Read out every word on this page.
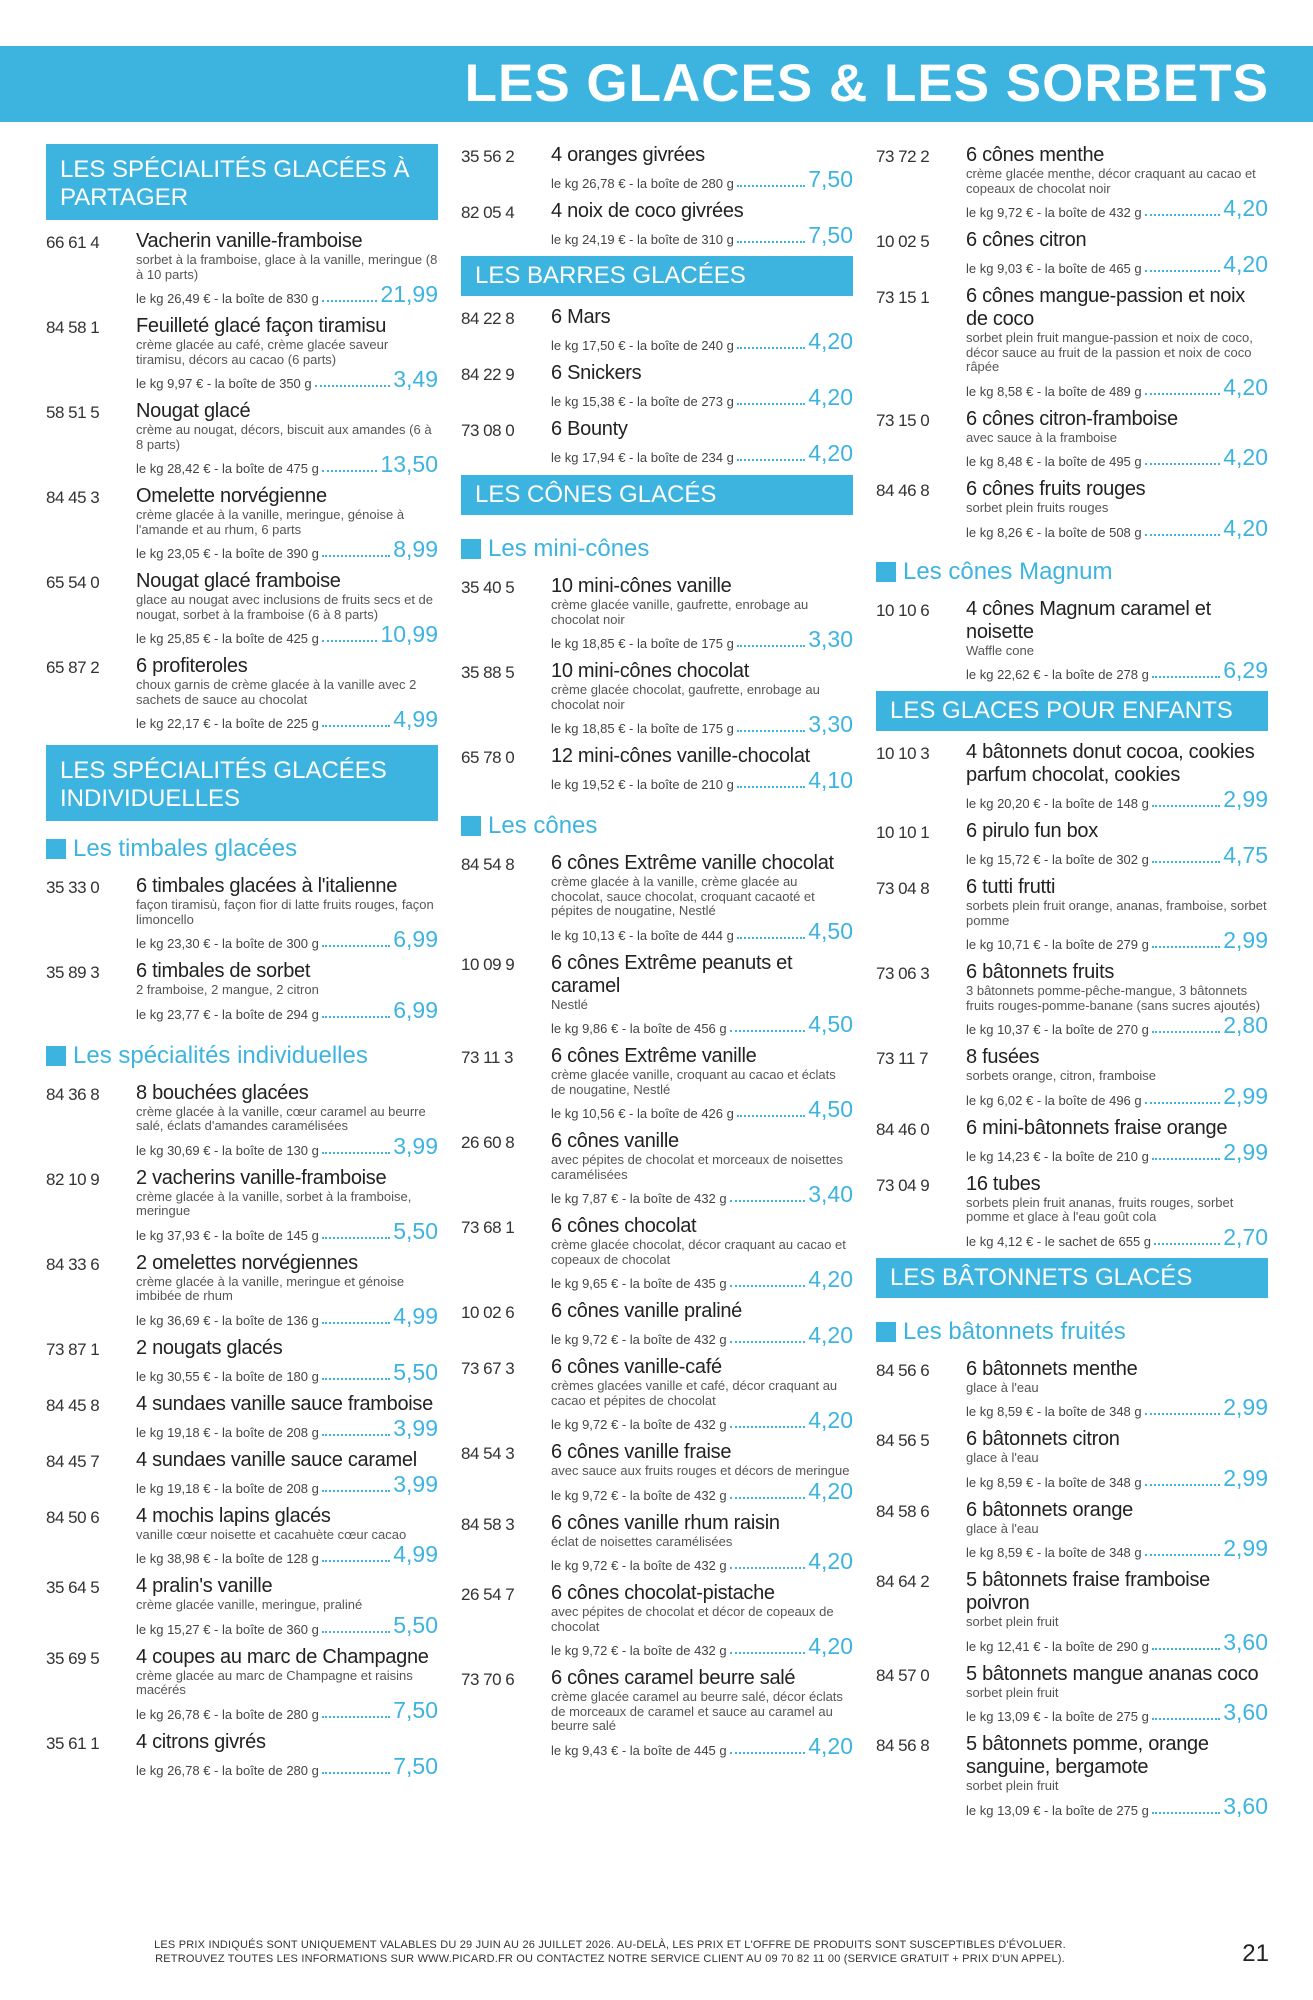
LES GLACES & LES SORBETS
LES SPÉCIALITÉS GLACÉES À PARTAGER
66 61 4	Vacherin vanille-framboise
sorbet à la framboise, glace à la vanille, meringue (8 à 10 parts)
le kg 26,49 € - la boîte de 830 g	21,99
84 58 1	Feuilleté glacé façon tiramisu
crème glacée au café, crème glacée saveur tiramisu, décors au cacao (6 parts)
le kg 9,97 € - la boîte de 350 g	3,49
58 51 5	Nougat glacé
crème au nougat, décors, biscuit aux amandes (6 à 8 parts)
le kg 28,42 € - la boîte de 475 g	13,50
84 45 3	Omelette norvégienne
crème glacée à la vanille, meringue, génoise à l'amande et au rhum, 6 parts
le kg 23,05 € - la boîte de 390 g	8,99
65 54 0	Nougat glacé framboise
glace au nougat avec inclusions de fruits secs et de nougat, sorbet à la framboise (6 à 8 parts)
le kg 25,85 € - la boîte de 425 g	10,99
65 87 2	6 profiteroles
choux garnis de crème glacée à la vanille avec 2 sachets de sauce au chocolat
le kg 22,17 € - la boîte de 225 g	4,99
LES SPÉCIALITÉS GLACÉES INDIVIDUELLES
Les timbales glacées
35 33 0	6 timbales glacées à l'italienne
façon tiramisù, façon fior di latte fruits rouges, façon limoncello
le kg 23,30 € - la boîte de 300 g	6,99
35 89 3	6 timbales de sorbet
2 framboise, 2 mangue, 2 citron
le kg 23,77 € - la boîte de 294 g	6,99
Les spécialités individuelles
84 36 8	8 bouchées glacées
crème glacée à la vanille, cœur caramel au beurre salé, éclats d'amandes caramélisées
le kg 30,69 € - la boîte de 130 g	3,99
82 10 9	2 vacherins vanille-framboise
crème glacée à la vanille, sorbet à la framboise, meringue
le kg 37,93 € - la boîte de 145 g	5,50
84 33 6	2 omelettes norvégiennes
crème glacée à la vanille, meringue et génoise imbibée de rhum
le kg 36,69 € - la boîte de 136 g	4,99
73 87 1	2 nougats glacés
le kg 30,55 € - la boîte de 180 g	5,50
84 45 8	4 sundaes vanille sauce framboise
le kg 19,18 € - la boîte de 208 g	3,99
84 45 7	4 sundaes vanille sauce caramel
le kg 19,18 € - la boîte de 208 g	3,99
84 50 6	4 mochis lapins glacés
vanille cœur noisette et cacahuète cœur cacao
le kg 38,98 € - la boîte de 128 g	4,99
35 64 5	4 pralin's vanille
crème glacée vanille, meringue, praliné
le kg 15,27 € - la boîte de 360 g	5,50
35 69 5	4 coupes au marc de Champagne
crème glacée au marc de Champagne et raisins macérés
le kg 26,78 € - la boîte de 280 g	7,50
35 61 1	4 citrons givrés
le kg 26,78 € - la boîte de 280 g	7,50
35 56 2	4 oranges givrées
le kg 26,78 € - la boîte de 280 g	7,50
82 05 4	4 noix de coco givrées
le kg 24,19 € - la boîte de 310 g	7,50
LES BARRES GLACÉES
84 22 8	6 Mars
le kg 17,50 € - la boîte de 240 g	4,20
84 22 9	6 Snickers
le kg 15,38 € - la boîte de 273 g	4,20
73 08 0	6 Bounty
le kg 17,94 € - la boîte de 234 g	4,20
LES CÔNES GLACÉS
Les mini-cônes
35 40 5	10 mini-cônes vanille
crème glacée vanille, gaufrette, enrobage au chocolat noir
le kg 18,85 € - la boîte de 175 g	3,30
35 88 5	10 mini-cônes chocolat
crème glacée chocolat, gaufrette, enrobage au chocolat noir
le kg 18,85 € - la boîte de 175 g	3,30
65 78 0	12 mini-cônes vanille-chocolat
le kg 19,52 € - la boîte de 210 g	4,10
Les cônes
84 54 8	6 cônes Extrême vanille chocolat
crème glacée à la vanille, crème glacée au chocolat, sauce chocolat, croquant cacaoté et pépites de nougatine, Nestlé
le kg 10,13 € - la boîte de 444 g	4,50
10 09 9	6 cônes Extrême peanuts et caramel
Nestlé
le kg 9,86 € - la boîte de 456 g	4,50
73 11 3	6 cônes Extrême vanille
crème glacée vanille, croquant au cacao et éclats de nougatine, Nestlé
le kg 10,56 € - la boîte de 426 g	4,50
26 60 8	6 cônes vanille
avec pépites de chocolat et morceaux de noisettes caramélisées
le kg 7,87 € - la boîte de 432 g	3,40
73 68 1	6 cônes chocolat
crème glacée chocolat, décor craquant au cacao et copeaux de chocolat
le kg 9,65 € - la boîte de 435 g	4,20
10 02 6	6 cônes vanille praliné
le kg 9,72 € - la boîte de 432 g	4,20
73 67 3	6 cônes vanille-café
crèmes glacées vanille et café, décor craquant au cacao et pépites de chocolat
le kg 9,72 € - la boîte de 432 g	4,20
84 54 3	6 cônes vanille fraise
avec sauce aux fruits rouges et décors de meringue
le kg 9,72 € - la boîte de 432 g	4,20
84 58 3	6 cônes vanille rhum raisin
éclat de noisettes caramélisées
le kg 9,72 € - la boîte de 432 g	4,20
26 54 7	6 cônes chocolat-pistache
avec pépites de chocolat et décor de copeaux de chocolat
le kg 9,72 € - la boîte de 432 g	4,20
73 70 6	6 cônes caramel beurre salé
crème glacée caramel au beurre salé, décor éclats de morceaux de caramel et sauce au caramel au beurre salé
le kg 9,43 € - la boîte de 445 g	4,20
73 72 2	6 cônes menthe
crème glacée menthe, décor craquant au cacao et copeaux de chocolat noir
le kg 9,72 € - la boîte de 432 g	4,20
10 02 5	6 cônes citron
le kg 9,03 € - la boîte de 465 g	4,20
73 15 1	6 cônes mangue-passion et noix de coco
sorbet plein fruit mangue-passion et noix de coco, décor sauce au fruit de la passion et noix de coco râpée
le kg 8,58 € - la boîte de 489 g	4,20
73 15 0	6 cônes citron-framboise
avec sauce à la framboise
le kg 8,48 € - la boîte de 495 g	4,20
84 46 8	6 cônes fruits rouges
sorbet plein fruits rouges
le kg 8,26 € - la boîte de 508 g	4,20
Les cônes Magnum
10 10 6	4 cônes Magnum caramel et noisette
Waffle cone
le kg 22,62 € - la boîte de 278 g	6,29
LES GLACES POUR ENFANTS
10 10 3	4 bâtonnets donut cocoa, cookies parfum chocolat, cookies
le kg 20,20 € - la boîte de 148 g	2,99
10 10 1	6 pirulo fun box
le kg 15,72 € - la boîte de 302 g	4,75
73 04 8	6 tutti frutti
sorbets plein fruit orange, ananas, framboise, sorbet pomme
le kg 10,71 € - la boîte de 279 g	2,99
73 06 3	6 bâtonnets fruits
3 bâtonnets pomme-pêche-mangue, 3 bâtonnets fruits rouges-pomme-banane (sans sucres ajoutés)
le kg 10,37 € - la boîte de 270 g	2,80
73 11 7	8 fusées
sorbets orange, citron, framboise
le kg 6,02 € - la boîte de 496 g	2,99
84 46 0	6 mini-bâtonnets fraise orange
le kg 14,23 € - la boîte de 210 g	2,99
73 04 9	16 tubes
sorbets plein fruit ananas, fruits rouges, sorbet pomme et glace à l'eau goût cola
le kg 4,12 € - le sachet de 655 g	2,70
LES BÂTONNETS GLACÉS
Les bâtonnets fruités
84 56 6	6 bâtonnets menthe
glace à l'eau
le kg 8,59 € - la boîte de 348 g	2,99
84 56 5	6 bâtonnets citron
glace à l'eau
le kg 8,59 € - la boîte de 348 g	2,99
84 58 6	6 bâtonnets orange
glace à l'eau
le kg 8,59 € - la boîte de 348 g	2,99
84 64 2	5 bâtonnets fraise framboise poivron
sorbet plein fruit
le kg 12,41 € - la boîte de 290 g	3,60
84 57 0	5 bâtonnets mangue ananas coco
sorbet plein fruit
le kg 13,09 € - la boîte de 275 g	3,60
84 56 8	5 bâtonnets pomme, orange sanguine, bergamote
sorbet plein fruit
le kg 13,09 € - la boîte de 275 g	3,60
LES PRIX INDIQUÉS SONT UNIQUEMENT VALABLES DU 29 JUIN AU 26 JUILLET 2026. AU-DELÀ, LES PRIX ET L'OFFRE DE PRODUITS SONT SUSCEPTIBLES D'ÉVOLUER.
RETROUVEZ TOUTES LES INFORMATIONS SUR WWW.PICARD.FR OU CONTACTEZ NOTRE SERVICE CLIENT AU 09 70 82 11 00 (SERVICE GRATUIT + PRIX D'UN APPEL).	21
